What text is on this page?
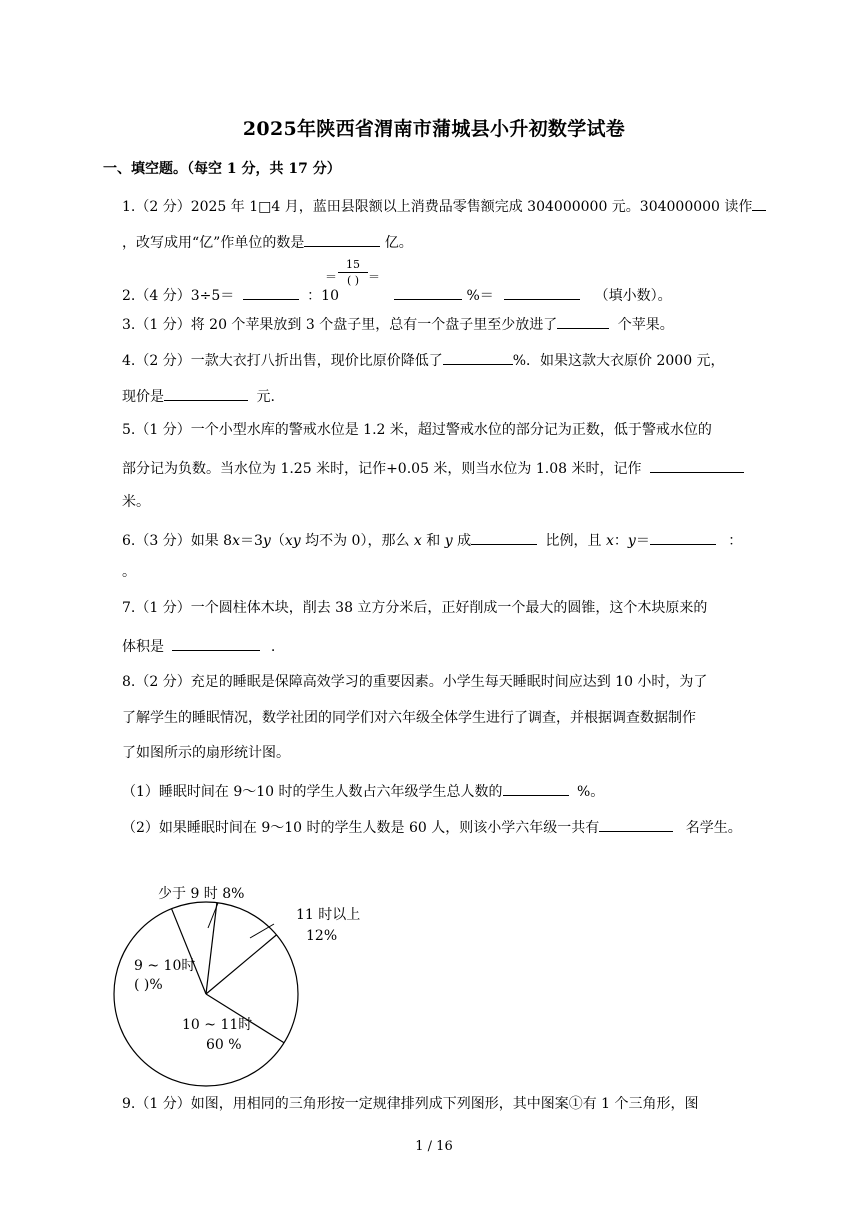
2025年陕西省渭南市蒲城县小升初数学试卷
一、填空题。（每空 1 分，共 17 分）
1.（2 分）2025 年 1□4 月，蓝田县限额以上消费品零售额完成 304000000 元。304000000 读作
，改写成用“亿”作单位的数是	亿。
2.（4 分）3÷5＝	：10
15
( )
＝	＝
%＝	（填小数）。
3.（1 分）将 20 个苹果放到 3 个盘子里，总有一个盘子里至少放进了	个苹果。
4.（2 分）一款大衣打八折出售，现价比原价降低了	%．如果这款大衣原价 2000 元，
现价是	元.
5.（1 分）一个小型水库的警戒水位是 1.2 米，超过警戒水位的部分记为正数，低于警戒水位的
部分记为负数。当水位为 1.25 米时，记作+0.05 米，则当水位为 1.08 米时，记作
米。
6.（3 分）如果 8x＝3y（xy 均不为 0），那么 x 和 y 成	比例，且 x：y＝	：
。
7.（1 分）一个圆柱体木块，削去 38 立方分米后，正好削成一个最大的圆锥，这个木块原来的
体积是	.
8.（2 分）充足的睡眠是保障高效学习的重要因素。小学生每天睡眠时间应达到 10 小时，为了
了解学生的睡眠情况，数学社团的同学们对六年级全体学生进行了调查，并根据调查数据制作
了如图所示的扇形统计图。
（1）睡眠时间在 9～10 时的学生人数占六年级学生总人数的	%。
（2）如果睡眠时间在 9～10 时的学生人数是 60 人，则该小学六年级一共有	名学生。
少于 9 时 8%
11 时以上
12%
9 ~ 10时
( )%
10 ~ 11时
60 %
9.（1 分）如图，用相同的三角形按一定规律排列成下列图形，其中图案①有 1 个三角形，图
1 / 16
